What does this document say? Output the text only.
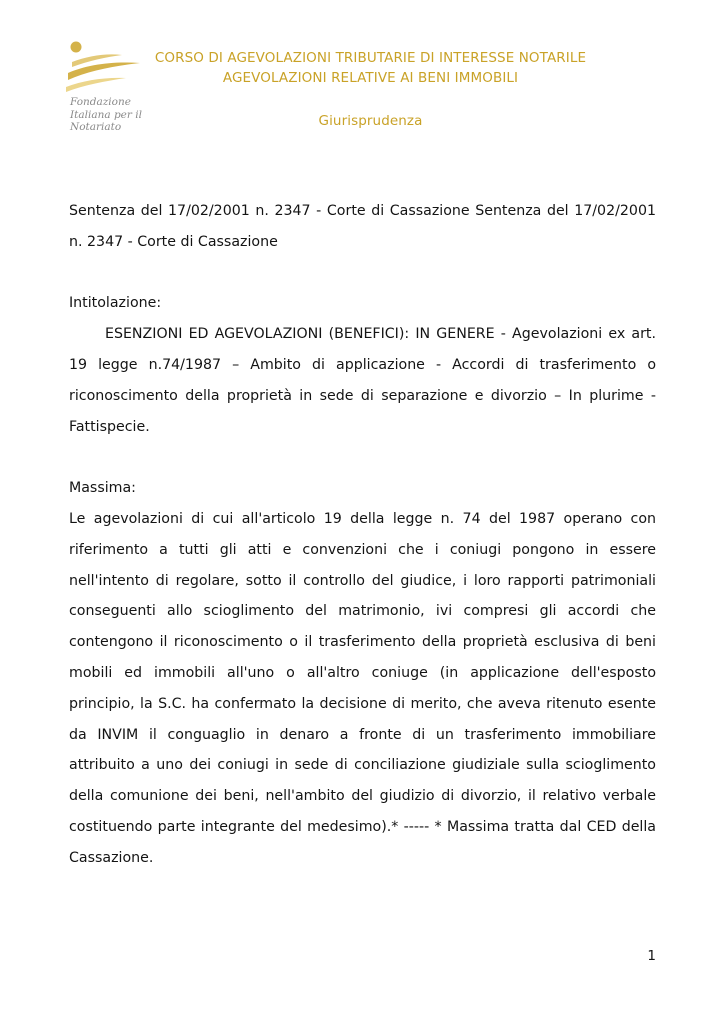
Fondazione
Italiana per il
Notariato
CORSO DI AGEVOLAZIONI TRIBUTARIE DI INTERESSE NOTARILE
AGEVOLAZIONI RELATIVE AI BENI IMMOBILI
Giurisprudenza

Sentenza del 17/02/2001 n. 2347 - Corte di Cassazione Sentenza del 17/02/2001 n. 2347 - Corte di Cassazione

Intitolazione:

ESENZIONI ED AGEVOLAZIONI (BENEFICI): IN GENERE - Agevolazioni ex art. 19 legge n.74/1987 – Ambito di applicazione - Accordi di trasferimento o riconoscimento della proprietà in sede di separazione e divorzio – In plurime - Fattispecie.

Massima:

Le agevolazioni di cui all'articolo 19 della legge n. 74 del 1987 operano con riferimento a tutti gli atti e convenzioni che i coniugi pongono in essere nell'intento di regolare, sotto il controllo del giudice, i loro rapporti patrimoniali conseguenti allo scioglimento del matrimonio, ivi compresi gli accordi che contengono il riconoscimento o il trasferimento della proprietà esclusiva di beni mobili ed immobili all'uno o all'altro coniuge (in applicazione dell'esposto principio, la S.C. ha confermato la decisione di merito, che aveva ritenuto esente da INVIM il conguaglio in denaro a fronte di un trasferimento immobiliare attribuito a uno dei coniugi in sede di conciliazione giudiziale sulla scioglimento della comunione dei beni, nell'ambito del giudizio di divorzio, il relativo verbale costituendo parte integrante del medesimo).* ----- * Massima tratta dal CED della Cassazione.

1
